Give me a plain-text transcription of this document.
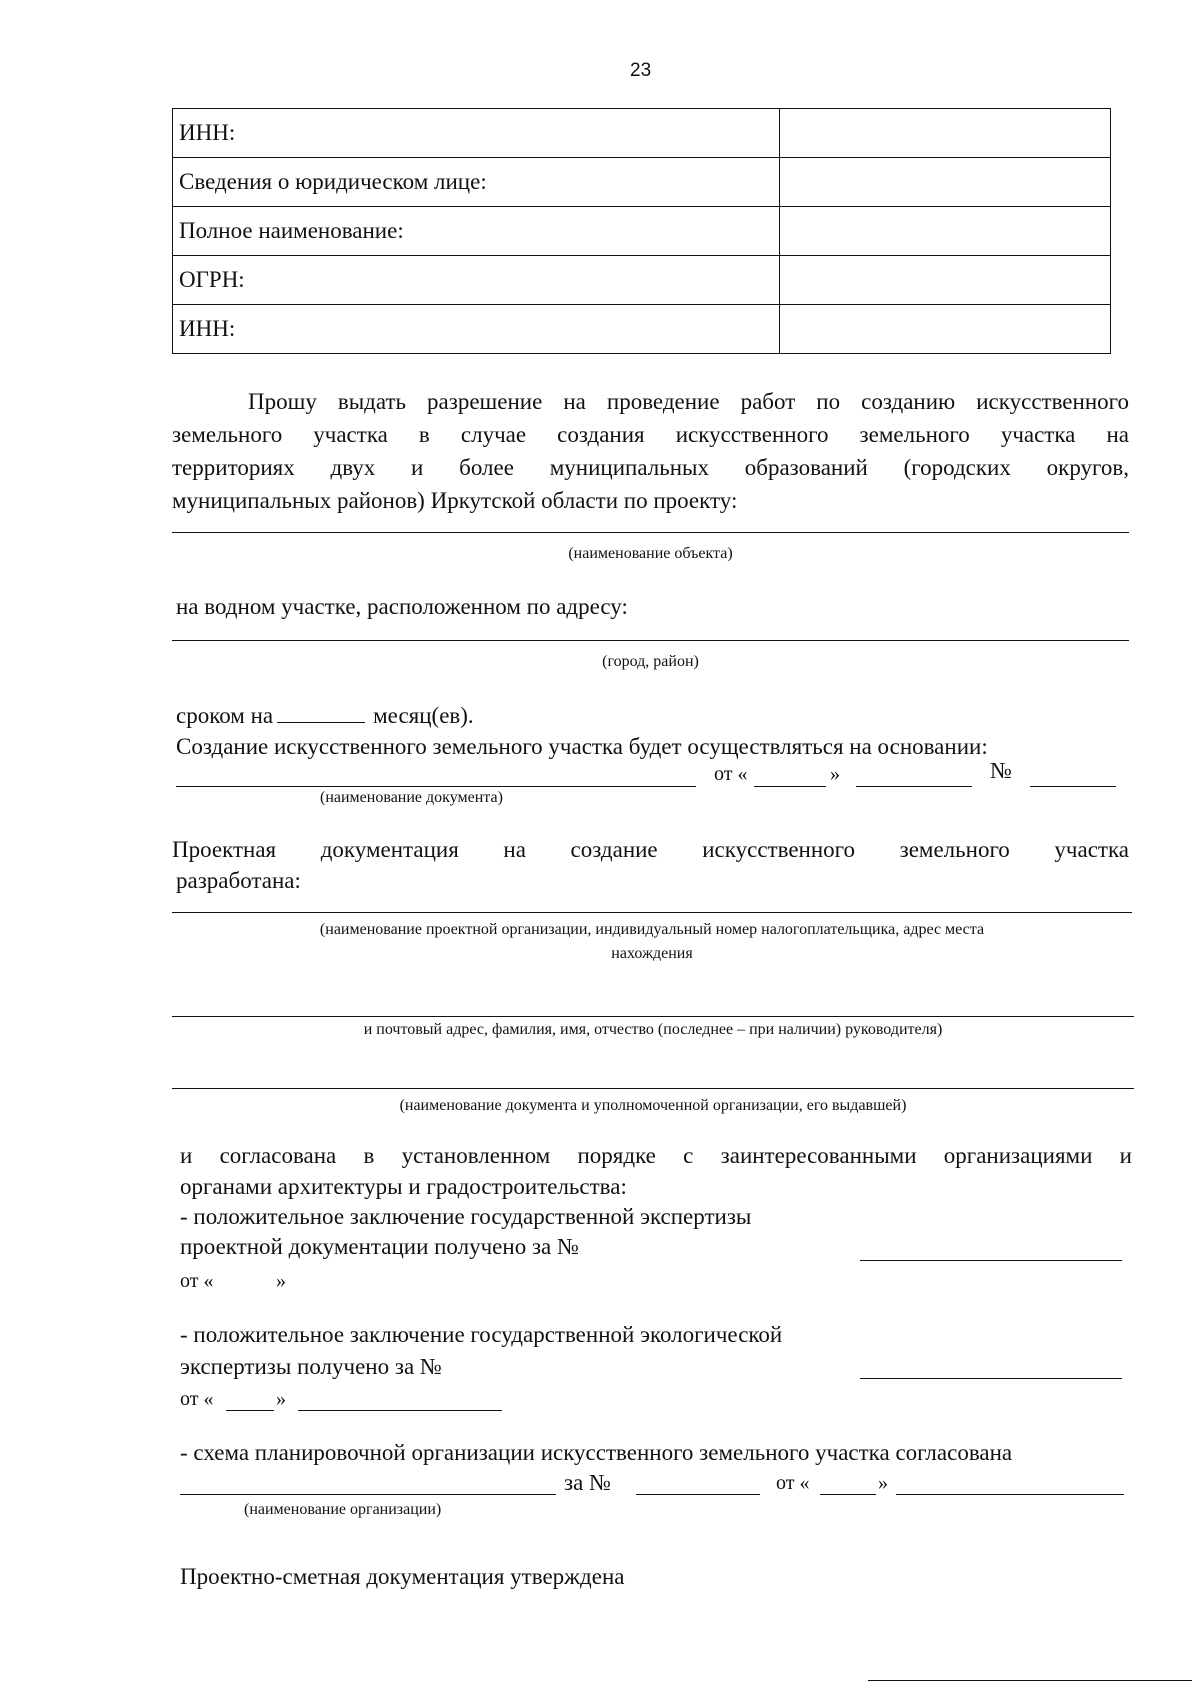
23
ИНН:	
Сведения о юридическом лице:	
Полное наименование:	
ОГРН:	
ИНН:	
Прошу выдать разрешение на проведение работ по созданию искусственного
земельного участка в случае создания искусственного земельного участка на
территориях двух и более муниципальных образований (городских округов,
муниципальных районов) Иркутской области по проекту:
(наименование объекта)
на водном участке, расположенном по адресу:
(город, район)
сроком на	месяц(ев).
Создание искусственного земельного участка будет осуществляться на основании:
от «	»	№
(наименование документа)
Проектная документация на создание искусственного земельного участка
разработана:
(наименование проектной организации, индивидуальный номер налогоплательщика, адрес места
нахождения
и почтовый адрес, фамилия, имя, отчество (последнее – при наличии) руководителя)
(наименование документа и уполномоченной организации, его выдавшей)
и согласована в установленном порядке с заинтересованными организациями и
органами архитектуры и градостроительства:
- положительное заключение государственной экспертизы
проектной документации получено за №
от «	»
- положительное заключение государственной экологической
экспертизы получено за №
от «	»
- схема планировочной организации искусственного земельного участка согласована
за №	от «	»
(наименование организации)
Проектно-сметная документация утверждена
